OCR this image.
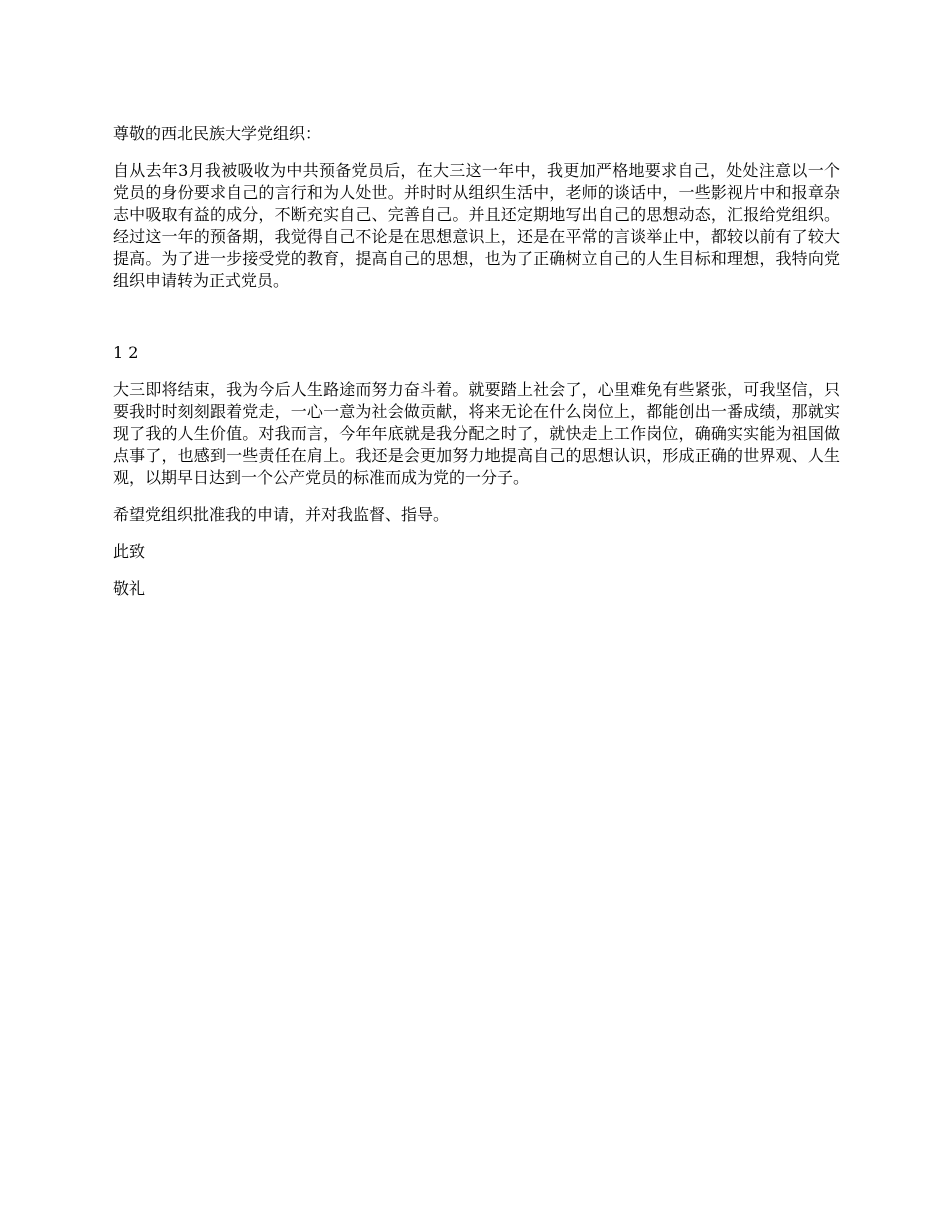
尊敬的西北民族大学党组织：

自从去年3月我被吸收为中共预备党员后，在大三这一年中，我更加严格地要求自己，处处注意以一个党员的身份要求自己的言行和为人处世。并时时从组织生活中，老师的谈话中，一些影视片中和报章杂志中吸取有益的成分，不断充实自己、完善自己。并且还定期地写出自己的思想动态，汇报给党组织。经过这一年的预备期，我觉得自己不论是在思想意识上，还是在平常的言谈举止中，都较以前有了较大提高。为了进一步接受党的教育，提高自己的思想，也为了正确树立自己的人生目标和理想，我特向党组织申请转为正式党员。

1 2

大三即将结束，我为今后人生路途而努力奋斗着。就要踏上社会了，心里难免有些紧张，可我坚信，只要我时时刻刻跟着党走，一心一意为社会做贡献，将来无论在什么岗位上，都能创出一番成绩，那就实现了我的人生价值。对我而言，今年年底就是我分配之时了，就快走上工作岗位，确确实实能为祖国做点事了，也感到一些责任在肩上。我还是会更加努力地提高自己的思想认识，形成正确的世界观、人生观，以期早日达到一个公产党员的标准而成为党的一分子。

希望党组织批准我的申请，并对我监督、指导。

此致

敬礼
